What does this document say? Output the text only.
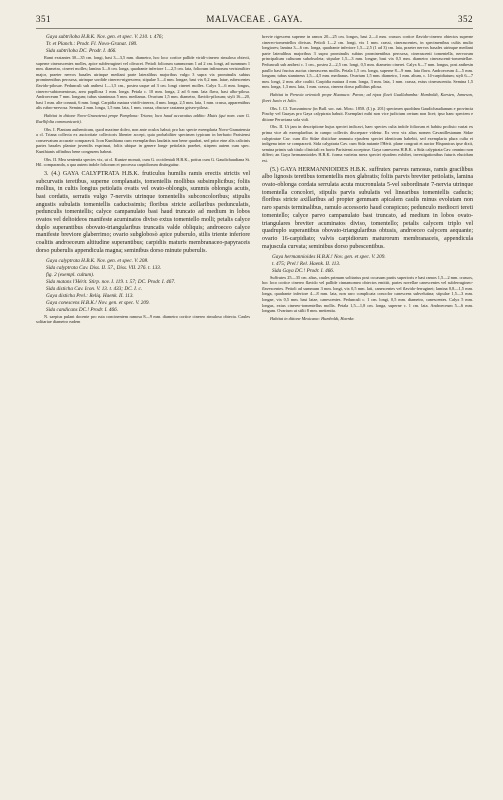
351	MALVACEAE . GAYA.	352

Gaya subtriloba H.B.K. Nov. gen. et spec. V. 210. t. 476;

Tr. et Planch.: Prodr. Fl. Novo-Granat. 180.

Sida subtriloba DC. Prodr. I. 466.

Rami exstantes 30—35 cm. longi, basi 3—3,5 mm. diametro, hoc loco cortice pallide viridi-cinereo rimuloso obtecti, superne cinerascentes molles, apice subferruginei vel olivacei. Petioli foliorum summorum 1 ad 2 cm. longi, ad summum 1 mm. diametro, cinerei molles; lamina 3—6 cm. longa, quadrante inferiore 1—2,5 cm. lata, foliorum infimorum verisimiliter major, praeter nervos basales utrinque mediani parte lateralibus majoribus vulgo 3 supra vix prominulis subtus prominentibus percursa, utrinque sordide cinereo-nigrescens; stipulae 5—4 mm. longae, basi vix 0,2 mm. latae, rubescentes flavido-pilosae. Pedunculi sub anthesi 1—1,5 cm., postea usque ad 3 cm. longi cinerei molles. Calyx 5—6 mm. longus, cinereo-subtomentosus, area papillosa 1 mm. longa. Petala c. 10 mm. longa, 2 ad 6 mm. lata flava, basi albo-pilosa. Androeceum 7 mm. longum; tubus staminuus 5 mm. medianus. Ovarium 1,5 mm. diametro, flavido-pilosum; styli 16—20, basi 1 mm. alte connati, 6 mm. longi. Carpidia matura viridi-cinerea, 4 mm. longa, 2,5 mm. lata, 1 mm. crassa, apparentibus alis rubro-nervosa. Semina 2 mm. longa, 1,5 mm. lata, 1 mm. crassa, obscure castanea griseo-pilosa.

Habitat in ditione Novo-Granatensi prope Pamplona: Triana; loco haud accuratius addito: Mutis (qui nom. cum G. Ruellifolia communicavit).

Obs. I. Plantam authenticam, quod maxime doleo, non ante oculos habui; pro hac specie exemplaria Novo-Granatensia a cl. Triana collecta ex auctoritate collectoris libenter accepi, quia probabiliter specimen typicum in herbario Parisiensi conservatum accurate comparavit. Icon Kunthiana cum exemplaribus laudatis non bene quadrat, sed prior eine alis calicinis partes basales plantae juvenilis exprimat, foliis ubique in genere longe petiolatis praebet, stirpem autem cum spec. Kunthianis affinibus bene congruens habeat.

Obs. II. Mea sententia species vix, ut cl. Kuntze monuit, cum G. occidentali H.B.K., potius cum G. Gaudichaudiana St. Hil. comparanda, a qua autem indole foliorum et processu carpidiorum distinguitur.

3. (4.) GAYA CALYPTRATA H.B.K. fruticulus humilis ramis erectis strictis vel subcurvatis teretibus, superne complanatis, tomentellis mollibus subsimplicibus; foliis mollius, in cultis longius petiolatis ovatis vel ovato-oblongis, summis oblongis acutis, basi cordatis, serratis vulgo 7-nerviis utrinque tomentellis subconcoloribus; stipulis angustis subulatis tomentellis caducissimis; floribus stricte axillaribus pedunculatis, pedunculis tomentellis; calyce campanulato basi haud truncato ad medium in lobos ovatos vel deltoideos manifeste acuminatos diviso extus tomentello molli; petalis calyce duplo superantibus obovato-triangularibus truncatis valde obliquis; androeceo calyce manifeste breviore glaberrimo; ovario subglobosò apice puberulo, stilis triente inferiore coalitis androeceum altitudine superantibus; carpidiis maturis membranaceo-papyraceis dorso puberulis appendicula magna; seminibus dorso minute puberulis.

Gaya calyptrata H.B.K. Nov. gen. et spec. V. 208.

Sida calyptrata Cav. Diss. II. 57., Diss. VII. 276. t. 133.

fig. 2 (exempl. cultum).

Sida matans l'Hérit. Stirp. nov. I. 119. t. 57; DC. Prodr. I. 467.

Sida disticha Cav. Icon. V. 13. t. 433; DC. I. c.

Gaya disticha Prel.: Reliq. Haenk. II. 113.

Gaya conescens H.B.K.! Nov. gen. et spec. V. 209.

Sida candicans DC.! Prodr. I. 466.

N. saepius pulant docente pro ruta concinentem ramosa 8—9 mm. diametro cortice cinereo rimuloso obtecta. Caules solitariae diametro eadem

brevie rigescens superne in ramos 20—25 cm. longos, basi 2—4 mm. crassos cortice flavido-cinereo obtectos superne cinereo-tomentellos divisus. Petioli 1—2 cm. longi, vix 1 mm. crassi, cinerascentes, in specimenibus cultis multo longiores; lamina 3—6 cm. longa, quadrante inferiore 1,5—2,5 (1 ad 3) cm. lata, praeter nervos basales utrinque mediani parte lateralibus majoribus 3 supra prominulis subtus prominentibus percursa, cinerascenti tomentella, nervorum principalium culturam subobsoleta; stipulae 1,5—3 mm. longae, basi vix 0,5 mm. diametro cinerascenti-tomentellae. Pedunculi sub anthesi c. 1 cm., postea 2—2,5 cm. longi, 0,5 mm. diametro cinerei. Calyx 6—7 mm. longus, post anthesin paullo basi fructus auctus cinerascens mollis. Petala 1,5 cm. longa, superne 8—9 mm. lata flava. Androeceum 4—5 mm. longum; tubus stamineus 1,5—4,5 mm. medianus. Ovarium 1,5 mm. diametro, 1 mm. altum, c. 14-carpidiatum; styli 6—7 mm. longi, 2 mm. alte coaliti. Carpidia matura 4 mm. longa, 3 mm. lata, 1 mm. crassa, extus cinerascentia. Semina 1,5 mm. longa, 1,3 mm. lata, 1 mm. crassa, cinerea dorso pallidius pilosa.

Habitat in Peruvia orientali prope Huanuco: Pavon; ad ripas fluvii Guallabamba: Humboldt, Karsten, Jameson, floret Junio et Julio.

Obs. I. Cl. Turczaninow (in Bull. soc. nat. Mosc. 1858. (I.) p. 201) specimen quoddam Gaudichaudianum e provincia Pinchy vel Guayas pro Gaya calyptrata habuit. Exemplari mihi non vice judicium certum non licet; ipso hanc speciem e ditione Peruviana sola vidi.

Obs. II. Ut jam in descriptione hujus speciei indicavi, haec species culta indole foliorum et habitu prolixio variat ex prima vice ab exemplaribus in campo collectis discrepare videtur. Ex vero vix alius nomen Cavanillesianum Sidae calyptratae Cav. cum illo Sidae distichae ammutu ejusdem speciei identicum habebit, sed exemplaria plura culta et indigena inter se comparavit. Sida calyptrata Cav. cum Sida nutante l'Hérit. plane congruit et auctor Hispanicus ipse dixit, semina primis sub titulo cliniciali ex horto Parisiensi accepisse. Gaya canescens H.B.K. a Sida calyptrata Cav. omnino non differt; an Gaya hermannioides H.B.K. forma varietas mera speciei ejusdem exhibet, investigationibus futuris elucidum est.

(5.) GAYA HERMANNIOIDES H.B.K. suffrutex parvus ramosus, ramis gracilibus albo lignosis teretibus tomentellis mox glabratis; foliis parvis breviter petiolatis, lamina ovato-oblonga cordata serrulata acuta mucronulata 5-vel subordinate 7-nervia utrinque tomentella concolori, stipulis parvis subulatis vel linearibus tomentellis caducis; floribus stricte axillaribus ad propter gemmam apicalem caulis minus evolutam non raro sparsis terminalibus, ramulo accessorio haud conspicuo; pedunculo mediocri tereti tomentello; calyce parvo campanulato basi truncato, ad medium in lobos ovato-triangulares breviter acuminatos diviso, tomentello; petalis calycem triplo vel quadruplo superantibus obovato-triangularibus obtusis, androeceo calycem aequante; ovario 16-carpidiato; valvis carpidiorum maturorum membranaceis, appendicula majuscula curvata; seminibus dorso pubescentibus.

Gaya hermannioides H.B.K.! Nov. gen. et spec. V. 209.

t. 475; Prel.! Rel. Haenk. II. 113.

Sida Gaya DC.! Prodr. I. 466.

Suffrutex 25—35 cm. altus, caules primum solitarius post occasum partis superioris e basi ramos 1,5—2 mm. crassos, hoc loco cortice cinereo flavido vel pallide cinnamomeo obtectos emittit, partes novellae canescentes vel subferrugineo-flavescentes. Petioli ad summum 3 mm. longi, vix 0,5 mm. lati, canescentes vel flavido-ferruginei; lamina 0,8—1,5 mm. longa, quadrante inferiore 4—8 mm. lata, non raro complicata concolor canescens subvelutina; stipulae 1,5—3 mm. longae, vix 0,5 mm. basi latae, canescentes. Pedunculi c. 1 cm. longi, 0,5 mm. diametro, canescentes. Calyx 5 mm. longus, extus cinereo-tomentellus mollis. Petala 1,5—1,8 cm. longa, superne c. 1 cm. lata. Androeceum 5—6 mm. longum. Ovarium ut stilii 8 mm. metientia.

Habitat in ditione Mexicana: Humboldt, Haenke.
